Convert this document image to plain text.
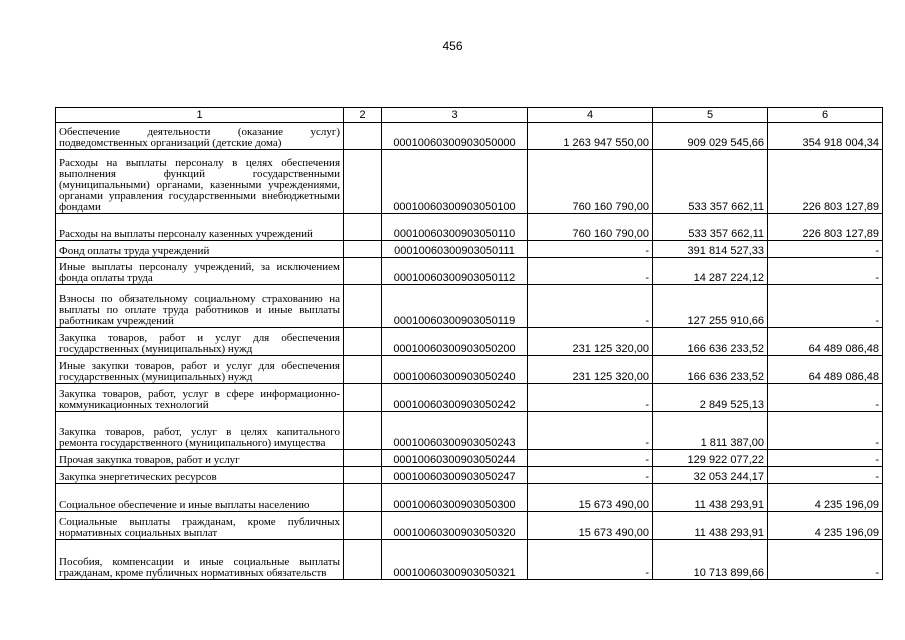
456
1	2	3	4	5	6
Обеспечение деятельности (оказание услуг) подведомственных организаций (детские дома)		00010060300903050000	1 263 947 550,00	909 029 545,66	354 918 004,34
Расходы на выплаты персоналу в целях обеспечения выполнения функций государственными (муниципальными) органами, казенными учреждениями, органами управления государственными внебюджетными фондами		00010060300903050100	760 160 790,00	533 357 662,11	226 803 127,89
Расходы на выплаты персоналу казенных учреждений		00010060300903050110	760 160 790,00	533 357 662,11	226 803 127,89
Фонд оплаты труда учреждений		00010060300903050111	-	391 814 527,33	-
Иные выплаты персоналу учреждений, за исключением фонда оплаты труда		00010060300903050112	-	14 287 224,12	-
Взносы по обязательному социальному страхованию на выплаты по оплате труда работников и иные выплаты работникам учреждений		00010060300903050119	-	127 255 910,66	-
Закупка товаров, работ и услуг для обеспечения государственных (муниципальных) нужд		00010060300903050200	231 125 320,00	166 636 233,52	64 489 086,48
Иные закупки товаров, работ и услуг для обеспечения государственных (муниципальных) нужд		00010060300903050240	231 125 320,00	166 636 233,52	64 489 086,48
Закупка товаров, работ, услуг в сфере информационно-коммуникационных технологий		00010060300903050242	-	2 849 525,13	-
Закупка товаров, работ, услуг в целях капитального ремонта государственного (муниципального) имущества		00010060300903050243	-	1 811 387,00	-
Прочая закупка товаров, работ и услуг		00010060300903050244	-	129 922 077,22	-
Закупка энергетических ресурсов		00010060300903050247	-	32 053 244,17	-
Социальное обеспечение и иные выплаты населению		00010060300903050300	15 673 490,00	11 438 293,91	4 235 196,09
Социальные выплаты гражданам, кроме публичных нормативных социальных выплат		00010060300903050320	15 673 490,00	11 438 293,91	4 235 196,09
Пособия, компенсации и иные социальные выплаты гражданам, кроме публичных нормативных обязательств		00010060300903050321	-	10 713 899,66	-
